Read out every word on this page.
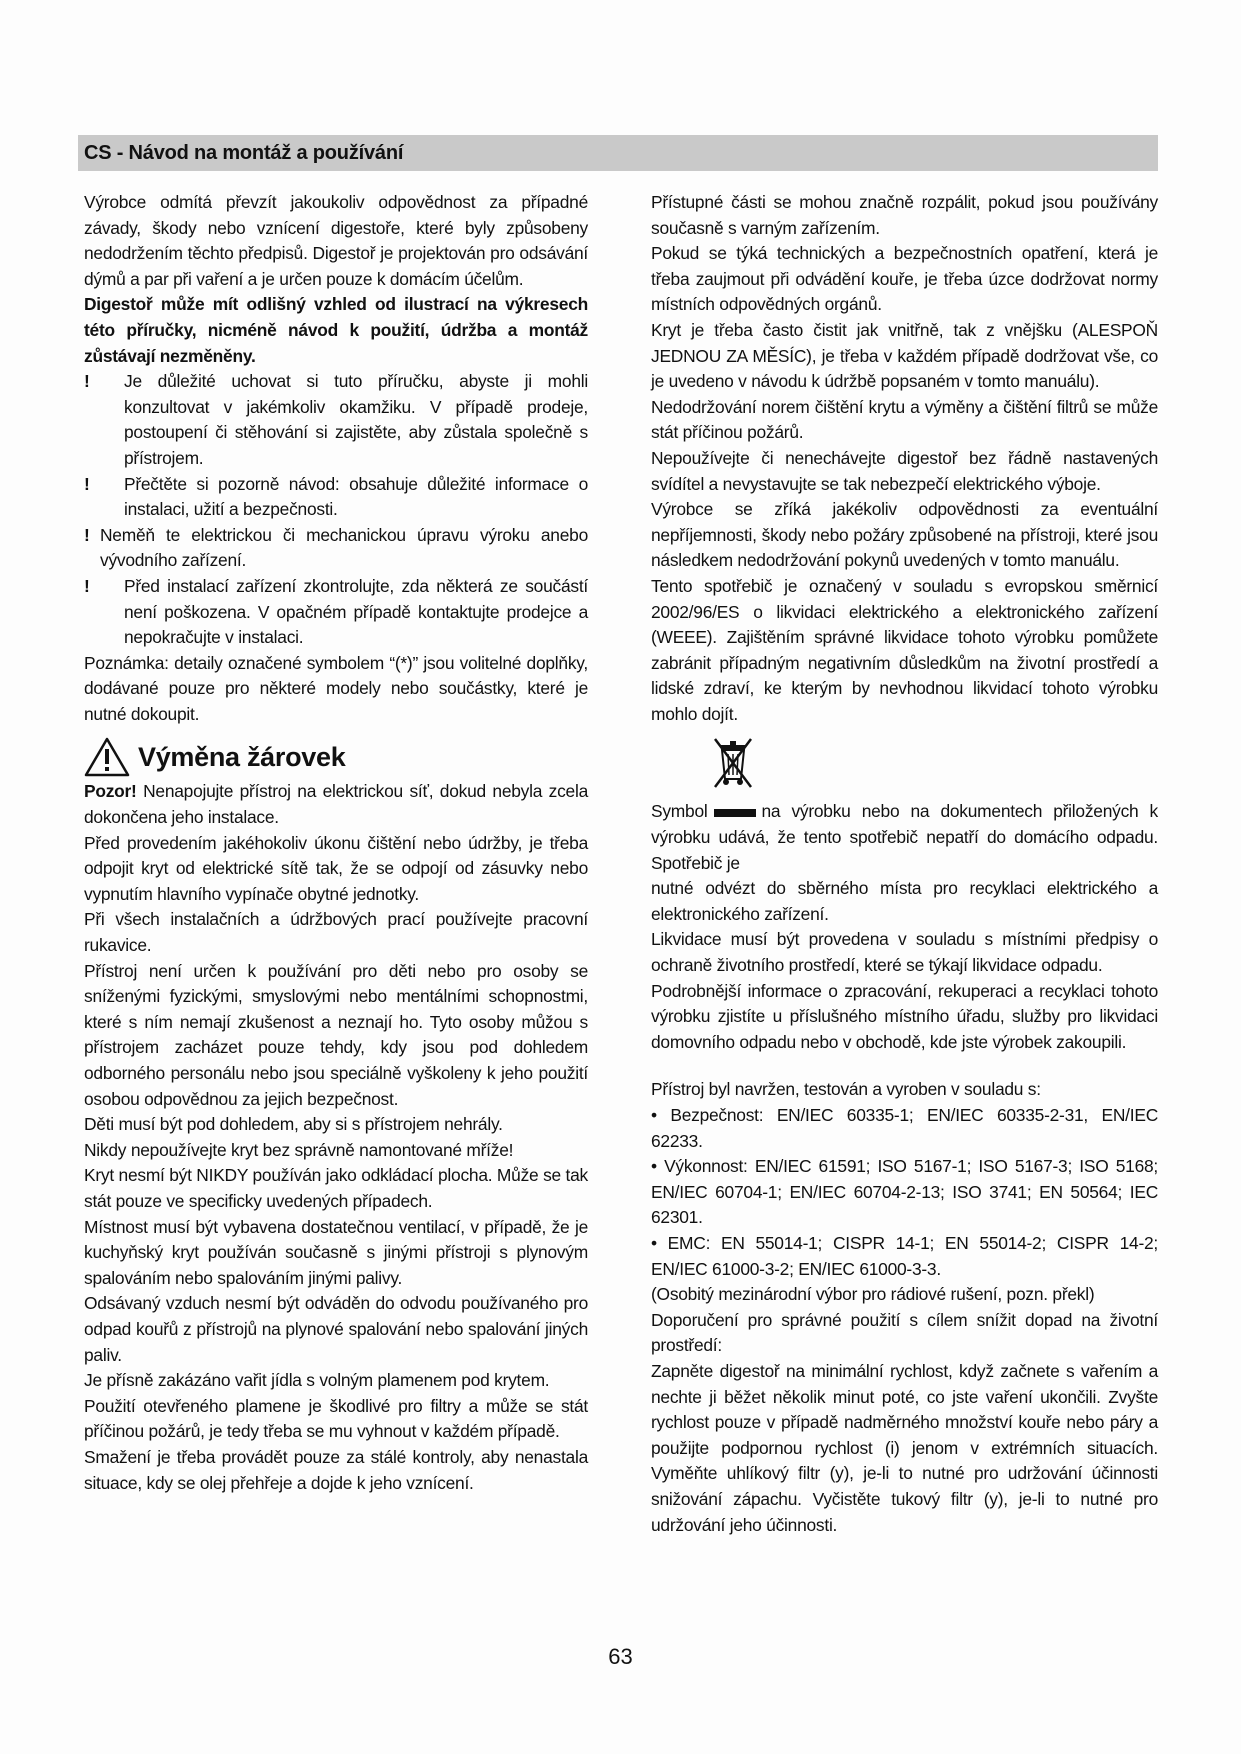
CS - Návod na montáž a používání

Výrobce odmítá převzít jakoukoliv odpovědnost za případné závady, škody nebo vznícení digestoře, které byly způsobeny nedodržením těchto předpisů. Digestoř je projektován pro odsávání dýmů a par při vaření a je určen pouze k domácím účelům.

Digestoř může mít odlišný vzhled od ilustrací na výkresech této příručky, nicméně návod k použití, údržba a montáž zůstávají nezměněny.

!	Je důležité uchovat si tuto příručku, abyste ji mohli konzultovat v jakémkoliv okamžiku. V případě prodeje, postoupení či stěhování si zajistěte, aby zůstala společně s přístrojem.
!	Přečtěte si pozorně návod: obsahuje důležité informace o instalaci, užití a bezpečnosti.
! Neměň te elektrickou či mechanickou úpravu výroku anebo vývodního zařízení.
!	Před instalací zařízení zkontrolujte, zda některá ze součástí není poškozena. V opačném případě kontaktujte prodejce a nepokračujte v instalaci.

Poznámka: detaily označené symbolem “(*)” jsou volitelné doplňky, dodávané pouze pro některé modely nebo součástky, které je nutné dokoupit.

Výměna žárovek

Pozor! Nenapojujte přístroj na elektrickou síť, dokud nebyla zcela dokončena jeho instalace.

Před provedením jakéhokoliv úkonu čištění nebo údržby, je třeba odpojit kryt od elektrické sítě tak, že se odpojí od zásuvky nebo vypnutím hlavního vypínače obytné jednotky.

Při všech instalačních a údržbových prací používejte pracovní rukavice.

Přístroj není určen k používání pro děti nebo pro osoby se sníženými fyzickými, smyslovými nebo mentálními schopnostmi, které s ním nemají zkušenost a neznají ho. Tyto osoby můžou s přístrojem zacházet pouze tehdy, kdy jsou pod dohledem odborného personálu nebo jsou speciálně vyškoleny k jeho použití osobou odpovědnou za jejich bezpečnost.

Děti musí být pod dohledem, aby si s přístrojem nehrály.

Nikdy nepoužívejte kryt bez správně namontované mříže!

Kryt nesmí být NIKDY používán jako odkládací plocha. Může se tak stát pouze ve specificky uvedených případech.

Místnost musí být vybavena dostatečnou ventilací, v případě, že je kuchyňský kryt používán současně s jinými přístroji s plynovým spalováním nebo spalováním jinými palivy.

Odsávaný vzduch nesmí být odváděn do odvodu používaného pro odpad kouřů z přístrojů na plynové spalování nebo spalování jiných paliv.

Je přísně zakázáno vařit jídla s volným plamenem pod krytem.

Použití otevřeného plamene je škodlivé pro filtry a může se stát příčinou požárů, je tedy třeba se mu vyhnout v každém případě.

Smažení je třeba provádět pouze za stálé kontroly, aby nenastala situace, kdy se olej přehřeje a dojde k jeho vznícení.

Přístupné části se mohou značně rozpálit, pokud jsou používány současně s varným zařízením.

Pokud se týká technických a bezpečnostních opatření, která je třeba zaujmout při odvádění kouře, je třeba úzce dodržovat normy místních odpovědných orgánů.

Kryt je třeba často čistit jak vnitřně, tak z vnějšku (ALESPOŇ JEDNOU ZA MĚSÍC), je třeba v každém případě dodržovat vše, co je uvedeno v návodu k údržbě popsaném v tomto manuálu).

Nedodržování norem čištění krytu a výměny a čištění filtrů se může stát příčinou požárů.

Nepoužívejte či nenechávejte digestoř bez řádně nastavených svídítel a nevystavujte se tak nebezpečí elektrického výboje.

Výrobce se zříká jakékoliv odpovědnosti za eventuální nepříjemnosti, škody nebo požáry způsobené na přístroji, které jsou následkem nedodržování pokynů uvedených v tomto manuálu.

Tento spotřebič je označený v souladu s evropskou směrnicí 2002/96/ES o likvidaci elektrického a elektronického zařízení (WEEE). Zajištěním správné likvidace tohoto výrobku pomůžete zabránit případným negativním důsledkům na životní prostředí a lidské zdraví, ke kterým by nevhodnou likvidací tohoto výrobku mohlo dojít.

Symbol	na výrobku nebo na dokumentech přiložených k výrobku udává, že tento spotřebič nepatří do domácího odpadu. Spotřebič je

nutné odvézt do sběrného místa pro recyklaci elektrického a elektronického zařízení.

Likvidace musí být provedena v souladu s místními předpisy o ochraně životního prostředí, které se týkají likvidace odpadu.

Podrobnější informace o zpracování, rekuperaci a recyklaci tohoto výrobku zjistíte u příslušného místního úřadu, služby pro likvidaci domovního odpadu nebo v obchodě, kde jste výrobek zakoupili.

Přístroj byl navržen, testován a vyroben v souladu s:

• Bezpečnost: EN/IEC 60335-1; EN/IEC 60335-2-31, EN/IEC 62233.

• Výkonnost: EN/IEC 61591; ISO 5167-1; ISO 5167-3; ISO 5168; EN/IEC 60704-1; EN/IEC 60704-2-13; ISO 3741; EN 50564; IEC 62301.

• EMC: EN 55014-1; CISPR 14-1; EN 55014-2; CISPR 14-2; EN/IEC 61000-3-2; EN/IEC 61000-3-3.

(Osobitý mezinárodní výbor pro rádiové rušení, pozn. překl)

Doporučení pro správné použití s cílem snížit dopad na životní prostředí:

Zapněte digestoř na minimální rychlost, když začnete s vařením a nechte ji běžet několik minut poté, co jste vaření ukončili. Zvyšte rychlost pouze v případě nadměrného množství kouře nebo páry a použijte podpornou rychlost (i) jenom v extrémních situacích. Vyměňte uhlíkový filtr (y), je-li to nutné pro udržování účinnosti snižování zápachu. Vyčistěte tukový filtr (y), je-li to nutné pro udržování jeho účinnosti.

63
